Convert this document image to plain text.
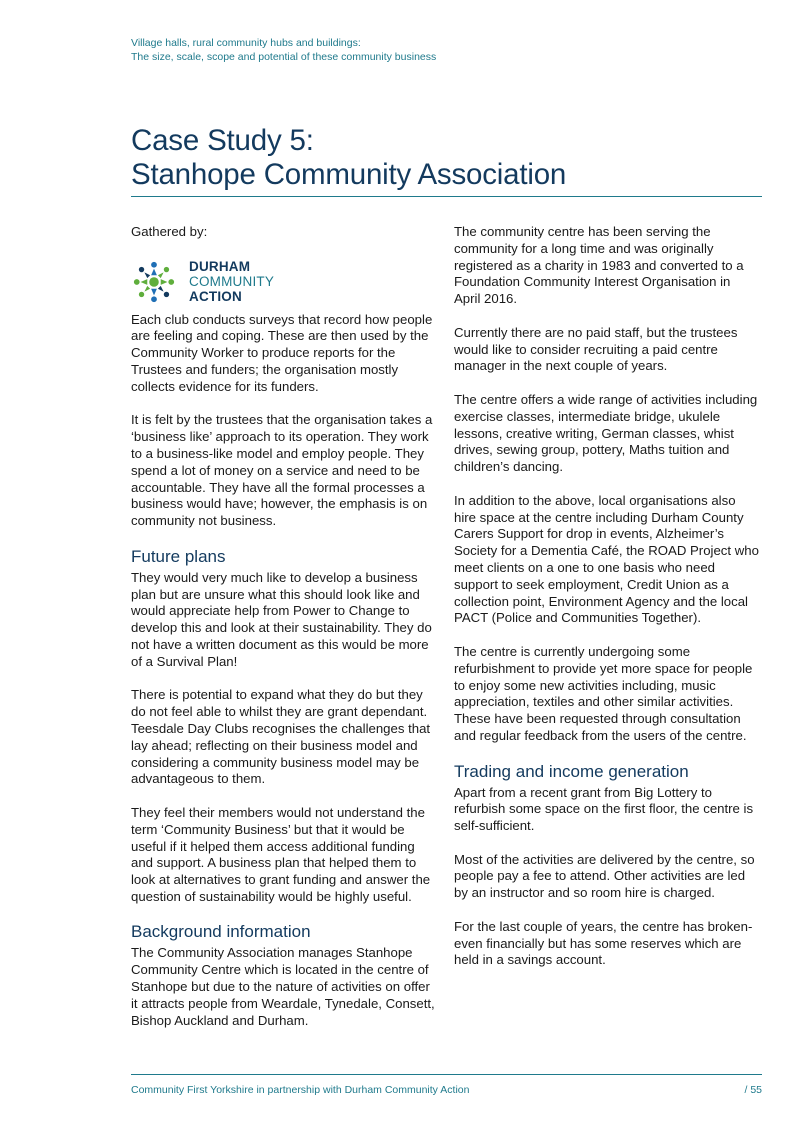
Village halls, rural community hubs and buildings:
The size, scale, scope and potential of these community business
Case Study 5:
Stanhope Community Association

Gathered by:

DURHAM
COMMUNITY
ACTION

Each club conducts surveys that record how people are feeling and coping. These are then used by the Community Worker to produce reports for the Trustees and funders; the organisation mostly collects evidence for its funders.

It is felt by the trustees that the organisation takes a ‘business like’ approach to its operation. They work to a business-like model and employ people. They spend a lot of money on a service and need to be accountable. They have all the formal processes a business would have; however, the emphasis is on community not business.

Future plans

They would very much like to develop a business plan but are unsure what this should look like and would appreciate help from Power to Change to develop this and look at their sustainability. They do not have a written document as this would be more of a Survival Plan!

There is potential to expand what they do but they do not feel able to whilst they are grant dependant. Teesdale Day Clubs recognises the challenges that lay ahead; reflecting on their business model and considering a community business model may be advantageous to them.

They feel their members would not understand the term ‘Community Business’ but that it would be useful if it helped them access additional funding and support. A business plan that helped them to look at alternatives to grant funding and answer the question of sustainability would be highly useful.

Background information

The Community Association manages Stanhope Community Centre which is located in the centre of Stanhope but due to the nature of activities on offer it attracts people from Weardale, Tynedale, Consett, Bishop Auckland and Durham.

The community centre has been serving the community for a long time and was originally registered as a charity in 1983 and converted to a Foundation Community Interest Organisation in April 2016.

Currently there are no paid staff, but the trustees would like to consider recruiting a paid centre manager in the next couple of years.

The centre offers a wide range of activities including exercise classes, intermediate bridge, ukulele lessons, creative writing, German classes, whist drives, sewing group, pottery, Maths tuition and children’s dancing.

In addition to the above, local organisations also hire space at the centre including Durham County Carers Support for drop in events, Alzheimer’s Society for a Dementia Café, the ROAD Project who meet clients on a one to one basis who need support to seek employment, Credit Union as a collection point, Environment Agency and the local PACT (Police and Communities Together).

The centre is currently undergoing some refurbishment to provide yet more space for people to enjoy some new activities including, music appreciation, textiles and other similar activities. These have been requested through consultation and regular feedback from the users of the centre.

Trading and income generation

Apart from a recent grant from Big Lottery to refurbish some space on the first floor, the centre is self-sufficient.

Most of the activities are delivered by the centre, so people pay a fee to attend. Other activities are led by an instructor and so room hire is charged.

For the last couple of years, the centre has broken-even financially but has some reserves which are held in a savings account.

Community First Yorkshire in partnership with Durham Community Action	/ 55
